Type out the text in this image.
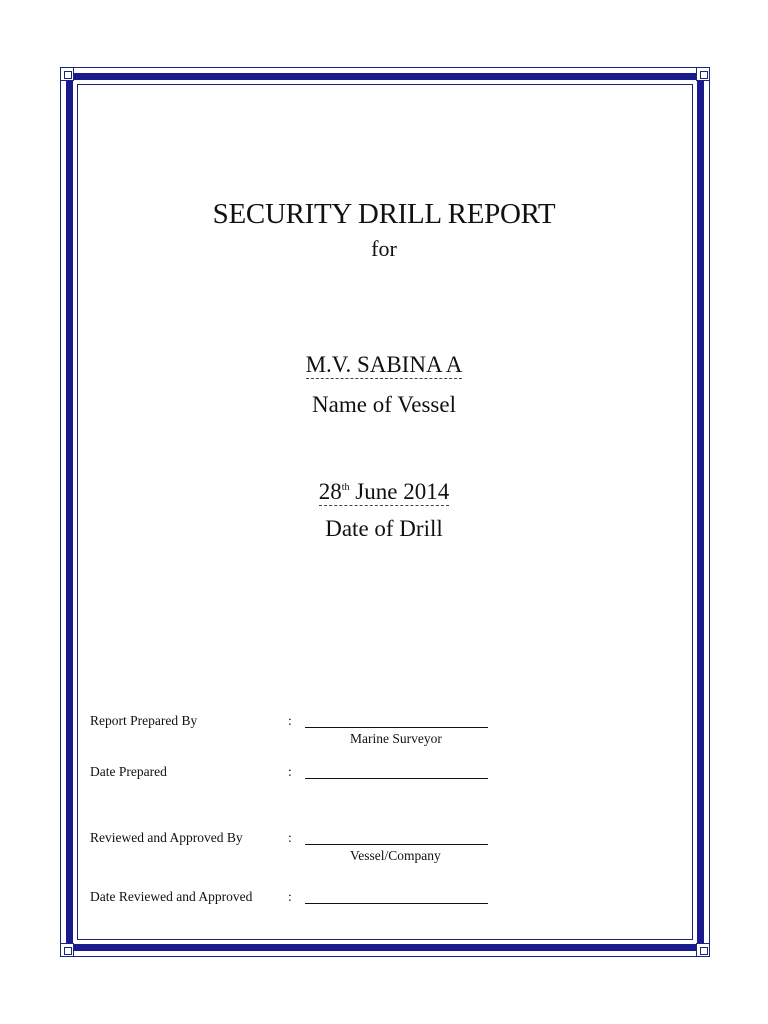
SECURITY DRILL REPORT
for
M.V. SABINA A
Name of Vessel
28th June 2014
Date of Drill
Report Prepared By	:
Marine Surveyor
Date Prepared	:
Reviewed and Approved By	:
Vessel/Company
Date Reviewed and Approved	:
